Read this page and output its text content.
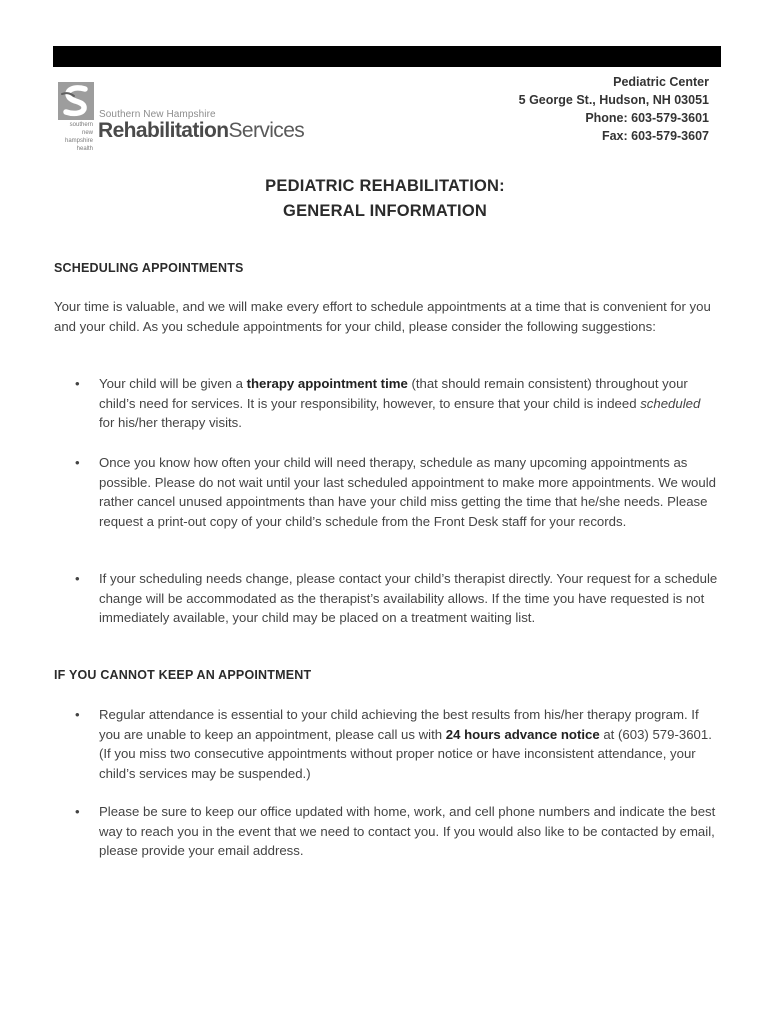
southern
new hampshire
health
Southern New Hampshire
RehabilitationServices
Pediatric Center
5 George St., Hudson, NH 03051
Phone: 603-579-3601
Fax: 603-579-3607
PEDIATRIC REHABILITATION:
GENERAL INFORMATION
SCHEDULING APPOINTMENTS
Your time is valuable, and we will make every effort to schedule appointments at a time that is convenient for you and your child. As you schedule appointments for your child, please consider the following suggestions:
• Your child will be given a therapy appointment time (that should remain consistent) throughout your child’s need for services. It is your responsibility, however, to ensure that your child is indeed scheduled for his/her therapy visits.
• Once you know how often your child will need therapy, schedule as many upcoming appointments as possible. Please do not wait until your last scheduled appointment to make more appointments. We would rather cancel unused appointments than have your child miss getting the time that he/she needs. Please request a print-out copy of your child’s schedule from the Front Desk staff for your records.
• If your scheduling needs change, please contact your child’s therapist directly. Your request for a schedule change will be accommodated as the therapist’s availability allows. If the time you have requested is not immediately available, your child may be placed on a treatment waiting list.
IF YOU CANNOT KEEP AN APPOINTMENT
• Regular attendance is essential to your child achieving the best results from his/her therapy program. If you are unable to keep an appointment, please call us with 24 hours advance notice at (603) 579-3601. (If you miss two consecutive appointments without proper notice or have inconsistent attendance, your child’s services may be suspended.)
• Please be sure to keep our office updated with home, work, and cell phone numbers and indicate the best way to reach you in the event that we need to contact you. If you would also like to be contacted by email, please provide your email address.
